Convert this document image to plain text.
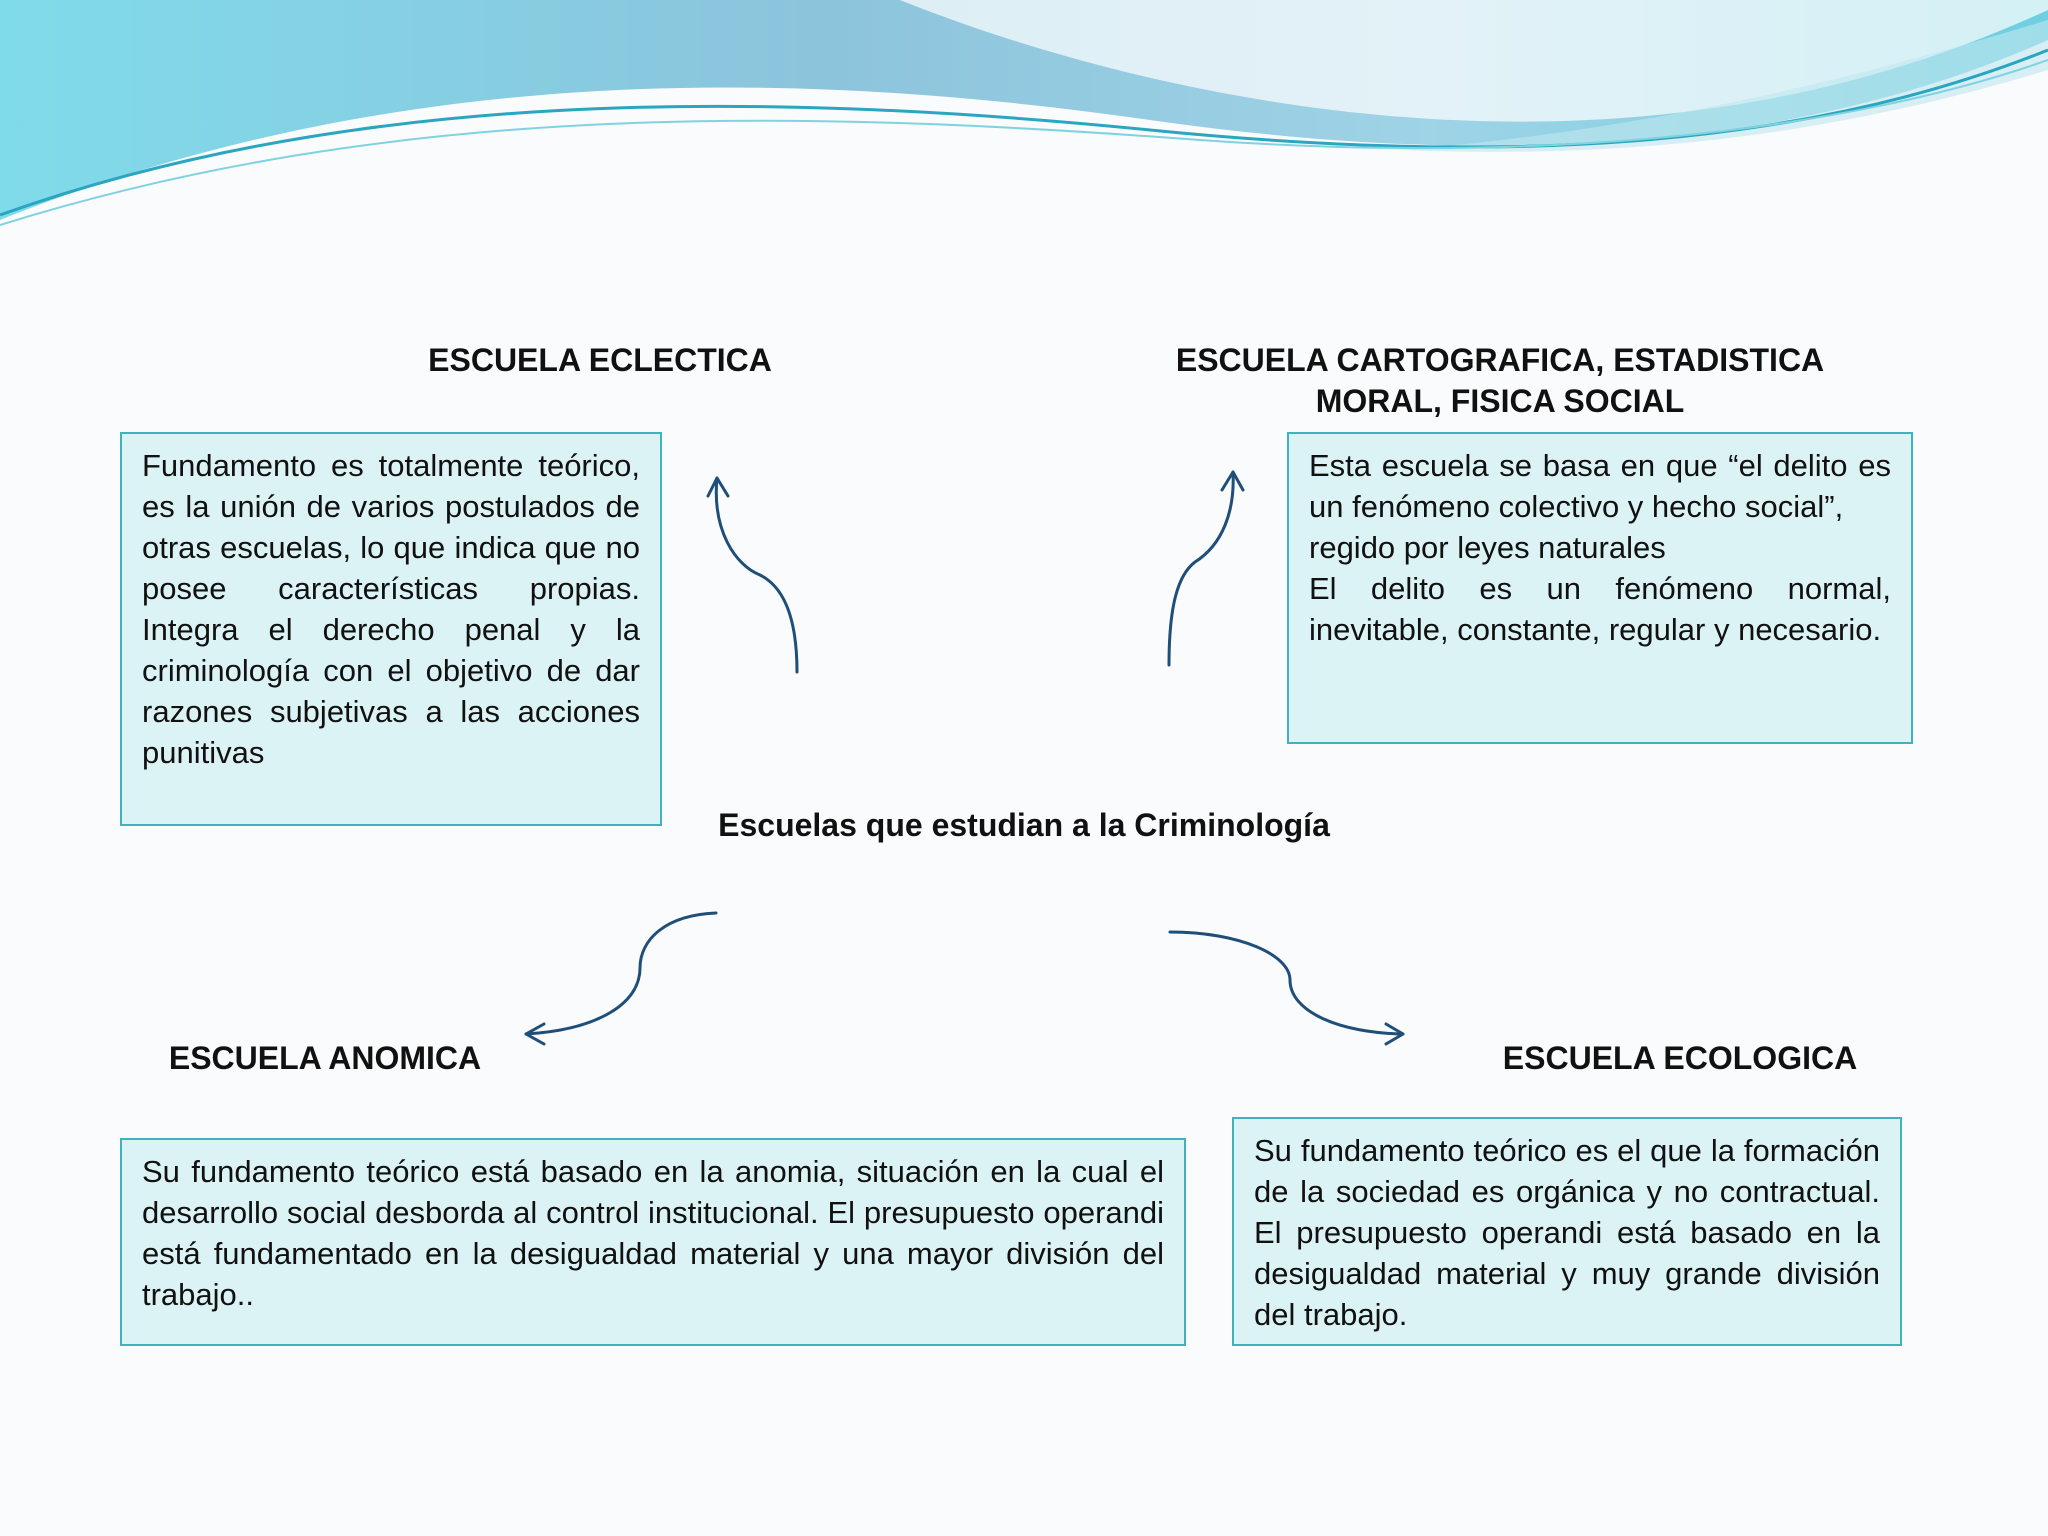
ESCUELA ECLECTICA	ESCUELA CARTOGRAFICA, ESTADISTICA
MORAL, FISICA SOCIAL
ESCUELA ANOMICA	ESCUELA ECOLOGICA

Fundamento es totalmente teórico, es la unión de varios postulados de otras escuelas, lo que indica que no posee características propias. Integra el derecho penal y la criminología con el objetivo de dar razones subjetivas a las acciones punitivas

Esta escuela se basa en que “el delito es un fenómeno colectivo y hecho social”,

regido por leyes naturales

El delito es un fenómeno normal, inevitable, constante, regular y necesario.

Su fundamento teórico está basado en la anomia, situación en la cual el desarrollo social desborda al control institucional. El presupuesto operandi está fundamentado en la desigualdad material y una mayor división del trabajo..

Su fundamento teórico es el que la formación de la sociedad es orgánica y no contractual. El presupuesto operandi está basado en la desigualdad material y muy grande división del trabajo.

Escuelas que estudian a la Criminología
